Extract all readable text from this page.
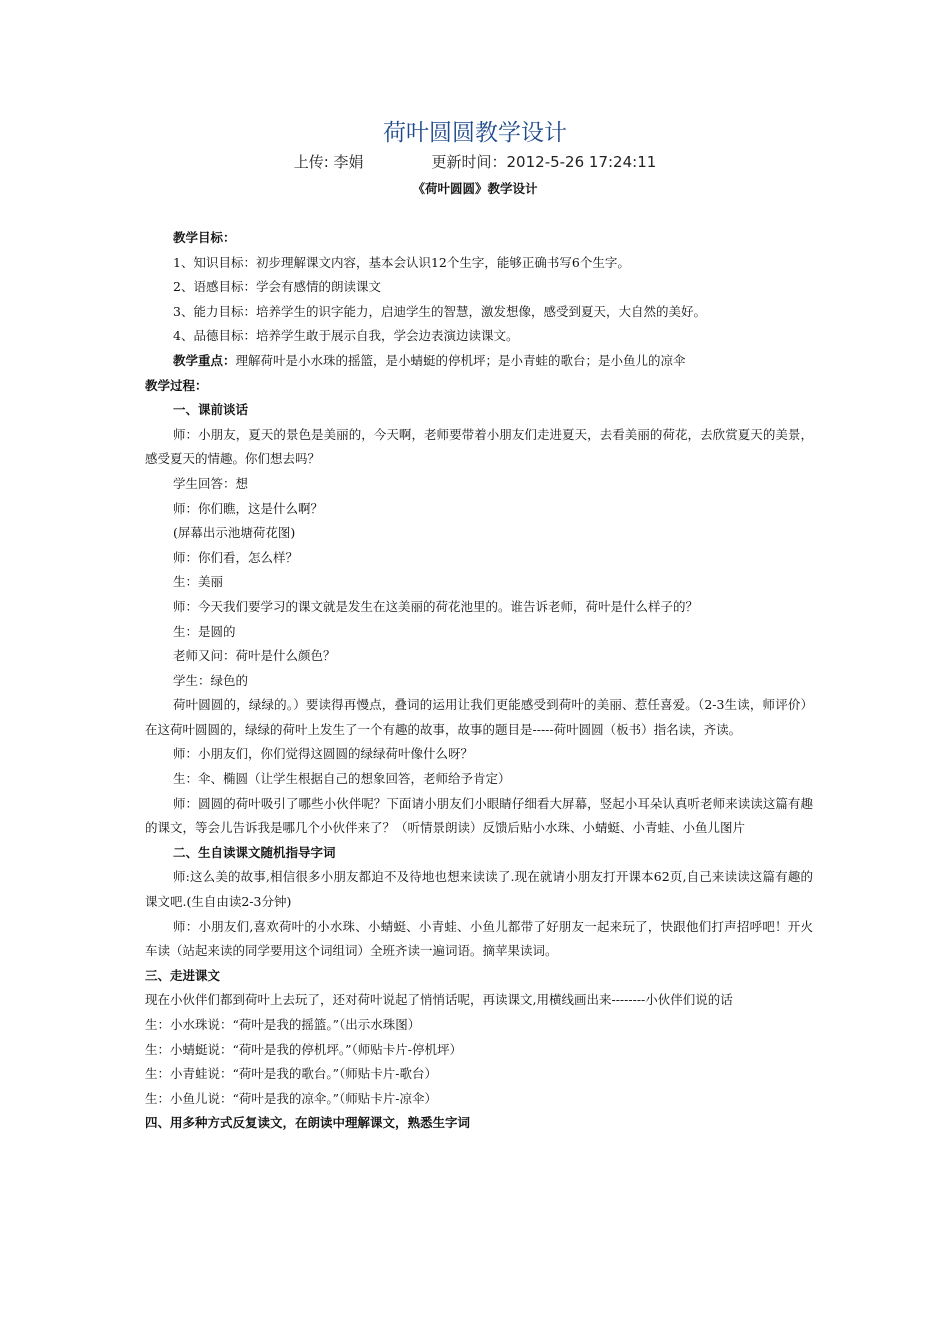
荷叶圆圆教学设计
上传: 李娟	更新时间：2012-5-26 17:24:11
《荷叶圆圆》教学设计

教学目标：

1、知识目标：初步理解课文内容，基本会认识12个生字，能够正确书写6个生字。

2、语感目标：学会有感情的朗读课文

3、能力目标：培养学生的识字能力，启迪学生的智慧，激发想像，感受到夏天，大自然的美好。

4、品德目标：培养学生敢于展示自我，学会边表演边读课文。

教学重点：理解荷叶是小水珠的摇篮，是小蜻蜓的停机坪；是小青蛙的歌台；是小鱼儿的凉伞

教学过程：

一、课前谈话

师：小朋友，夏天的景色是美丽的，今天啊，老师要带着小朋友们走进夏天，去看美丽的荷花，去欣赏夏天的美景，感受夏天的情趣。你们想去吗？

学生回答：想

师：你们瞧，这是什么啊？

(屏幕出示池塘荷花图)

师：你们看，怎么样？

生：美丽

师：今天我们要学习的课文就是发生在这美丽的荷花池里的。谁告诉老师，荷叶是什么样子的？

生：是圆的

老师又问：荷叶是什么颜色？

学生：绿色的

荷叶圆圆的，绿绿的。）要读得再慢点，叠词的运用让我们更能感受到荷叶的美丽、惹任喜爱。（2-3生读，师评价）在这荷叶圆圆的，绿绿的荷叶上发生了一个有趣的故事，故事的题目是-----荷叶圆圆（板书）指名读，齐读。

师：小朋友们，你们觉得这圆圆的绿绿荷叶像什么呀？

生：伞、椭圆（让学生根据自己的想象回答，老师给予肯定）

师：圆圆的荷叶吸引了哪些小伙伴呢？下面请小朋友们小眼睛仔细看大屏幕，竖起小耳朵认真听老师来读读这篇有趣的课文，等会儿告诉我是哪几个小伙伴来了？（听情景朗读）反馈后贴小水珠、小蜻蜓、小青蛙、小鱼儿图片

二、生自读课文随机指导字词

师:这么美的故事,相信很多小朋友都迫不及待地也想来读读了.现在就请小朋友打开课本62页,自己来读读这篇有趣的课文吧.(生自由读2-3分钟)

师：小朋友们,喜欢荷叶的小水珠、小蜻蜓、小青蛙、小鱼儿都带了好朋友一起来玩了，快跟他们打声招呼吧！开火车读（站起来读的同学要用这个词组词）全班齐读一遍词语。摘苹果读词。

三、走进课文

现在小伙伴们都到荷叶上去玩了，还对荷叶说起了悄悄话呢，再读课文,用横线画出来--------小伙伴们说的话

生：小水珠说：“荷叶是我的摇篮。”（出示水珠图）

生：小蜻蜓说：“荷叶是我的停机坪。”（师贴卡片-停机坪）

生：小青蛙说：“荷叶是我的歌台。”（师贴卡片-歌台）

生：小鱼儿说：“荷叶是我的凉伞。”（师贴卡片-凉伞）

四、用多种方式反复读文，在朗读中理解课文，熟悉生字词
